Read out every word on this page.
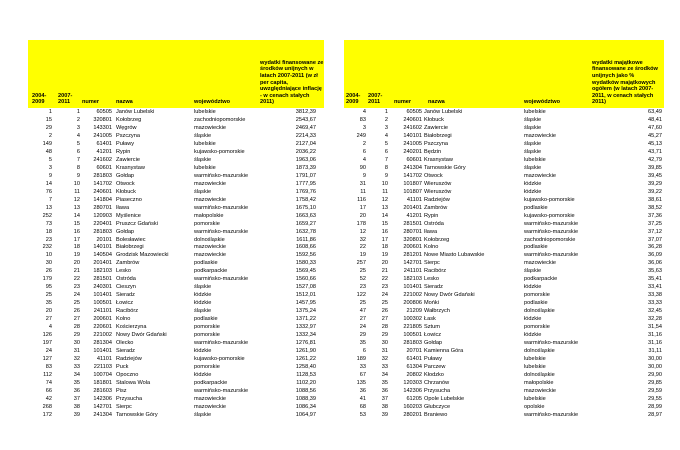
2004-2009
2007-2011	numer	nazwa	województwo
wydatki finansowane ze środków unijnych w latach 2007-2011 (w zł per capita, uwzględniające inflację - w cenach stałych 2011)
1	1	60505 Janów Lubelski	lubelskie	3812,39
15	2	320801 Kołobrzeg	zachodniopomorskie	2543,67
29	3	143301 Węgrów	mazowieckie	2469,47
2	4	241005 Pszczyna	śląskie	2214,33
149	5	61401 Puławy	lubelskie	2127,04
48	6	41201 Rypin	kujawsko-pomorskie	2036,22
5	7	241602 Zawiercie	śląskie	1963,06
3	8	60601 Krasnystaw	lubelskie	1873,39
9	9	281803 Gołdap	warmińsko-mazurskie	1791,07
14	10	141702 Otwock	mazowieckie	1777,95
76	11	240601 Kłobuck	śląskie	1769,76
7	12	141804 Piaseczno	mazowieckie	1758,42
13	13	280701 Iława	warmińsko-mazurskie	1675,10
252	14	120903 Myślenice	małopolskie	1663,63
73	15	220401 Pruszcz Gdański	pomorskie	1659,27
18	16	281803 Gołdap	warmińsko-mazurskie	1632,78
23	17	20101 Bolesławiec	dolnośląskie	1611,86
232	18	140101 Białobrzegi	mazowieckie	1608,66
10	19	140504 Grodzisk Mazowiecki	mazowieckie	1592,56
30	20	201401 Zambrów	podlaskie	1580,33
26	21	182103 Lesko	podkarpackie	1569,45
179	22	281501 Ostróda	warmińsko-mazurskie	1560,66
95	23	240301 Cieszyn	śląskie	1527,08
25	24	101401 Sieradz	łódzkie	1512,01
35	25	100501 Łowicz	łódzkie	1457,95
20	26	241101 Racibórz	śląskie	1375,24
27	27	200601 Kolno	podlaskie	1371,22
4	28	220601 Kościerzyna	pomorskie	1332,97
126	29	221002 Nowy Dwór Gdański	pomorskie	1332,34
197	30	281304 Olecko	warmińsko-mazurskie	1276,81
24	31	101401 Sieradz	łódzkie	1261,90
127	32	41101 Radziejów	kujawsko-pomorskie	1261,22
83	33	221103 Puck	pomorskie	1258,40
112	34	100704 Opoczno	łódzkie	1128,53
74	35	181801 Stalowa Wola	podkarpackie	1102,20
66	36	281603 Pisz	warmińsko-mazurskie	1088,56
42	37	142306 Przysucha	mazowieckie	1088,39
268	38	142701 Sierpc	mazowieckie	1086,34
172	39	241304 Tarnowskie Góry	śląskie	1064,97
2004-2009
2007-2011	numer	nazwa	województwo
wydatki majątkowe finansowane ze środków unijnych jako % wydatków majątkowych ogółem (w latach 2007-2011, w cenach stałych 2011)
4	1	60505 Janów Lubelski	lubelskie	63,49
83	2	240601 Kłobuck	śląskie	48,41
3	3	241602 Zawiercie	śląskie	47,60
249	4	140101 Białobrzegi	mazowieckie	45,27
2	5	241005 Pszczyna	śląskie	45,13
6	6	240201 Będzin	śląskie	43,71
4	7	60601 Krasnystaw	lubelskie	42,79
90	8	241304 Tarnowskie Góry	śląskie	39,85
9	9	141702 Otwock	mazowieckie	39,45
31	10	101807 Wieruszów	łódzkie	39,29
11	11	101807 Wieruszów	łódzkie	39,22
116	12	41101 Radziejów	kujawsko-pomorskie	38,61
17	13	201401 Zambrów	podlaskie	38,52
20	14	41201 Rypin	kujawsko-pomorskie	37,36
178	15	281501 Ostróda	warmińsko-mazurskie	37,25
12	16	280701 Iława	warmińsko-mazurskie	37,12
32	17	320801 Kołobrzeg	zachodniopomorskie	37,07
22	18	200601 Kolno	podlaskie	36,28
19	19	281201 Nowe Miasto Lubawskie	warmińsko-mazurskie	36,09
257	20	142701 Sierpc	mazowieckie	36,06
25	21	241101 Racibórz	śląskie	35,63
52	22	182103 Lesko	podkarpackie	35,41
23	23	101401 Sieradz	łódzkie	33,41
122	24	221002 Nowy Dwór Gdański	pomorskie	33,38
25	25	200806 Mońki	podlaskie	33,33
47	26	21209 Wałbrzych	dolnośląskie	32,45
27	27	100302 Łask	łódzkie	32,28
24	28	221805 Sztum	pomorskie	31,54
29	29	100501 Łowicz	łódzkie	31,16
35	30	281803 Gołdap	warmińsko-mazurskie	31,16
6	31	20701 Kamienna Góra	dolnośląskie	31,11
189	32	61401 Puławy	lubelskie	30,00
33	33	61304 Parczew	lubelskie	30,00
67	34	20802 Kłodzko	dolnośląskie	29,90
135	35	120303 Chrzanów	małopolskie	29,85
36	36	142306 Przysucha	mazowieckie	29,59
41	37	61205 Opole Lubelskie	lubelskie	29,55
68	38	160203 Głubczyce	opolskie	28,99
53	39	280201 Braniewo	warmińsko-mazurskie	28,97
